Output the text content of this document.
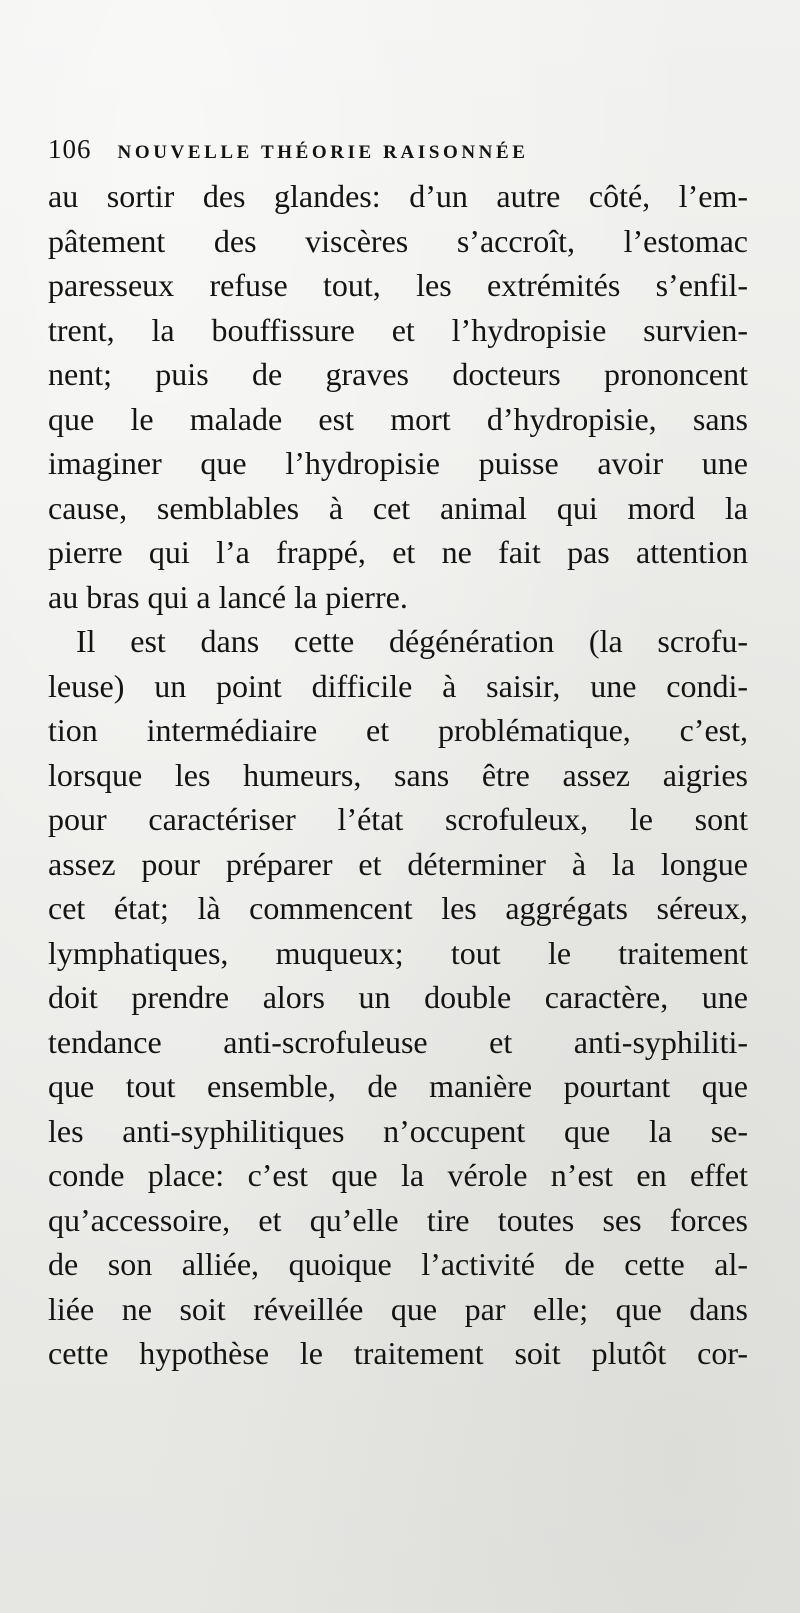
106 NOUVELLE THÉORIE RAISONNÉE
au sortir des glandes: d’un autre côté, l’em-
pâtement des viscères s’accroît, l’estomac
paresseux refuse tout, les extrémités s’enfil-
trent, la bouffissure et l’hydropisie survien-
nent; puis de graves docteurs prononcent
que le malade est mort d’hydropisie, sans
imaginer que l’hydropisie puisse avoir une
cause, semblables à cet animal qui mord la
pierre qui l’a frappé, et ne fait pas attention
au bras qui a lancé la pierre.
Il est dans cette dégénération (la scrofu-
leuse) un point difficile à saisir, une condi-
tion intermédiaire et problématique, c’est,
lorsque les humeurs, sans être assez aigries
pour caractériser l’état scrofuleux, le sont
assez pour préparer et déterminer à la longue
cet état; là commencent les aggrégats séreux,
lymphatiques, muqueux; tout le traitement
doit prendre alors un double caractère, une
tendance anti-scrofuleuse et anti-syphiliti-
que tout ensemble, de manière pourtant que
les anti-syphilitiques n’occupent que la se-
conde place: c’est que la vérole n’est en effet
qu’accessoire, et qu’elle tire toutes ses forces
de son alliée, quoique l’activité de cette al-
liée ne soit réveillée que par elle; que dans
cette hypothèse le traitement soit plutôt cor-
